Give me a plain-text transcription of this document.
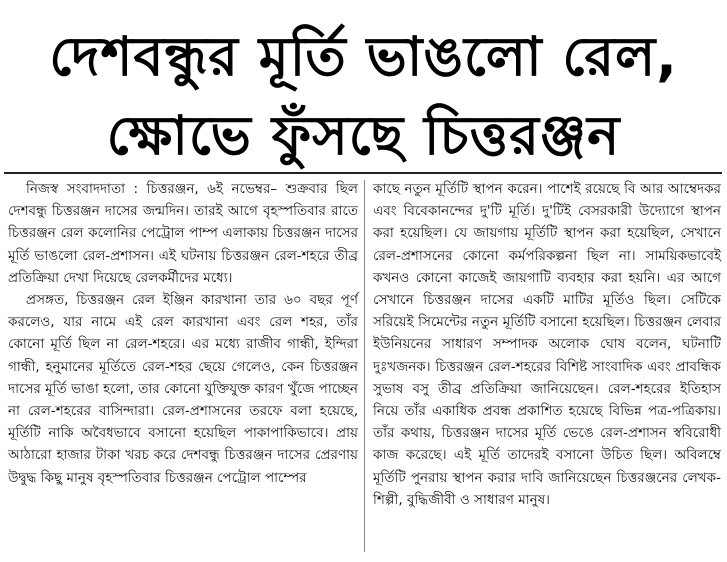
দেশবন্ধুর মূর্তি ভাঙলো রেল,
ক্ষোভে ফুঁসছে চিত্তরঞ্জন

নিজস্ব সংবাদদাতা : চিত্তরঞ্জন, ৬ই নভেম্বর– শুক্রবার ছিল দেশবন্ধু চিত্তরঞ্জন দাসের জন্মদিন। তারই আগে বৃহস্পতিবার রাতে চিত্তরঞ্জন রেল কলোনির পেট্রোল পাম্প এলাকায় চিত্তরঞ্জন দাসের মূর্তি ভাঙলো রেল-প্রশাসন। এই ঘটনায় চিত্তরঞ্জন রেল-শহরে তীব্র প্রতিক্রিয়া দেখা দিয়েছে রেলকর্মীদের মধ্যে।

প্রসঙ্গত, চিত্তরঞ্জন রেল ইঞ্জিন কারখানা তার ৬০ বছর পূর্ণ করলেও, যার নামে এই রেল কারখানা এবং রেল শহর, তাঁর কোনো মূর্তি ছিল না রেল-শহরে। এর মধ্যে রাজীব গান্ধী, ইন্দিরা গান্ধী, হনুমানের মূর্তিতে রেল-শহর ছেয়ে গেলেও, কেন চিত্তরঞ্জন দাসের মূর্তি ভাঙা হলো, তার কোনো যুক্তিযুক্ত কারণ খুঁজে পাচ্ছেন না রেল-শহরের বাসিন্দারা। রেল-প্রশাসনের তরফে বলা হয়েছে, মূর্তিটি নাকি অবৈধভাবে বসানো হয়েছিল পাকাপাকিভাবে। প্রায় আঠারো হাজার টাকা খরচ করে দেশবন্ধু চিত্তরঞ্জন দাসের প্রেরণায় উদ্বুদ্ধ কিছু মানুষ বৃহস্পতিবার চিত্তরঞ্জন পেট্রোল পাম্পের

কাছে নতুন মূর্তিটি স্থাপন করেন। পাশেই রয়েছে বি আর আম্বেদকর এবং বিবেকানন্দের দু'টি মূর্তি। দু'টিই বেসরকারী উদ্যোগে স্থাপন করা হয়েছিল। যে জায়গায় মূর্তিটি স্থাপন করা হয়েছিল, সেখানে রেল-প্রশাসনের কোনো কর্মপরিকল্পনা ছিল না। সাময়িকভাবেই কখনও কোনো কাজেই জায়গাটি ব্যবহার করা হয়নি। এর আগে সেখানে চিত্তরঞ্জন দাসের একটি মাটির মূর্তিও ছিল। সেটিকে সরিয়েই সিমেন্টের নতুন মূর্তিটি বসানো হয়েছিল। চিত্তরঞ্জন লেবার ইউনিয়নের সাধারণ সম্পাদক অলোক ঘোষ বলেন, ঘটনাটি দুঃখজনক। চিত্তরঞ্জন রেল-শহরের বিশিষ্ট সাংবাদিক এবং প্রাবন্ধিক সুভাষ বসু তীব্র প্রতিক্রিয়া জানিয়েছেন। রেল-শহরের ইতিহাস নিয়ে তাঁর একাধিক প্রবন্ধ প্রকাশিত হয়েছে বিভিন্ন পত্র-পত্রিকায়। তাঁর কথায়, চিত্তরঞ্জন দাসের মূর্তি ভেঙে রেল-প্রশাসন স্ববিরোধী কাজ করেছে। এই মূর্তি তাদেরই বসানো উচিত ছিল। অবিলম্বে মূর্তিটি পুনরায় স্থাপন করার দাবি জানিয়েছেন চিত্তরঞ্জনের লেখক-শিল্পী, বুদ্ধিজীবী ও সাধারণ মানুষ।
